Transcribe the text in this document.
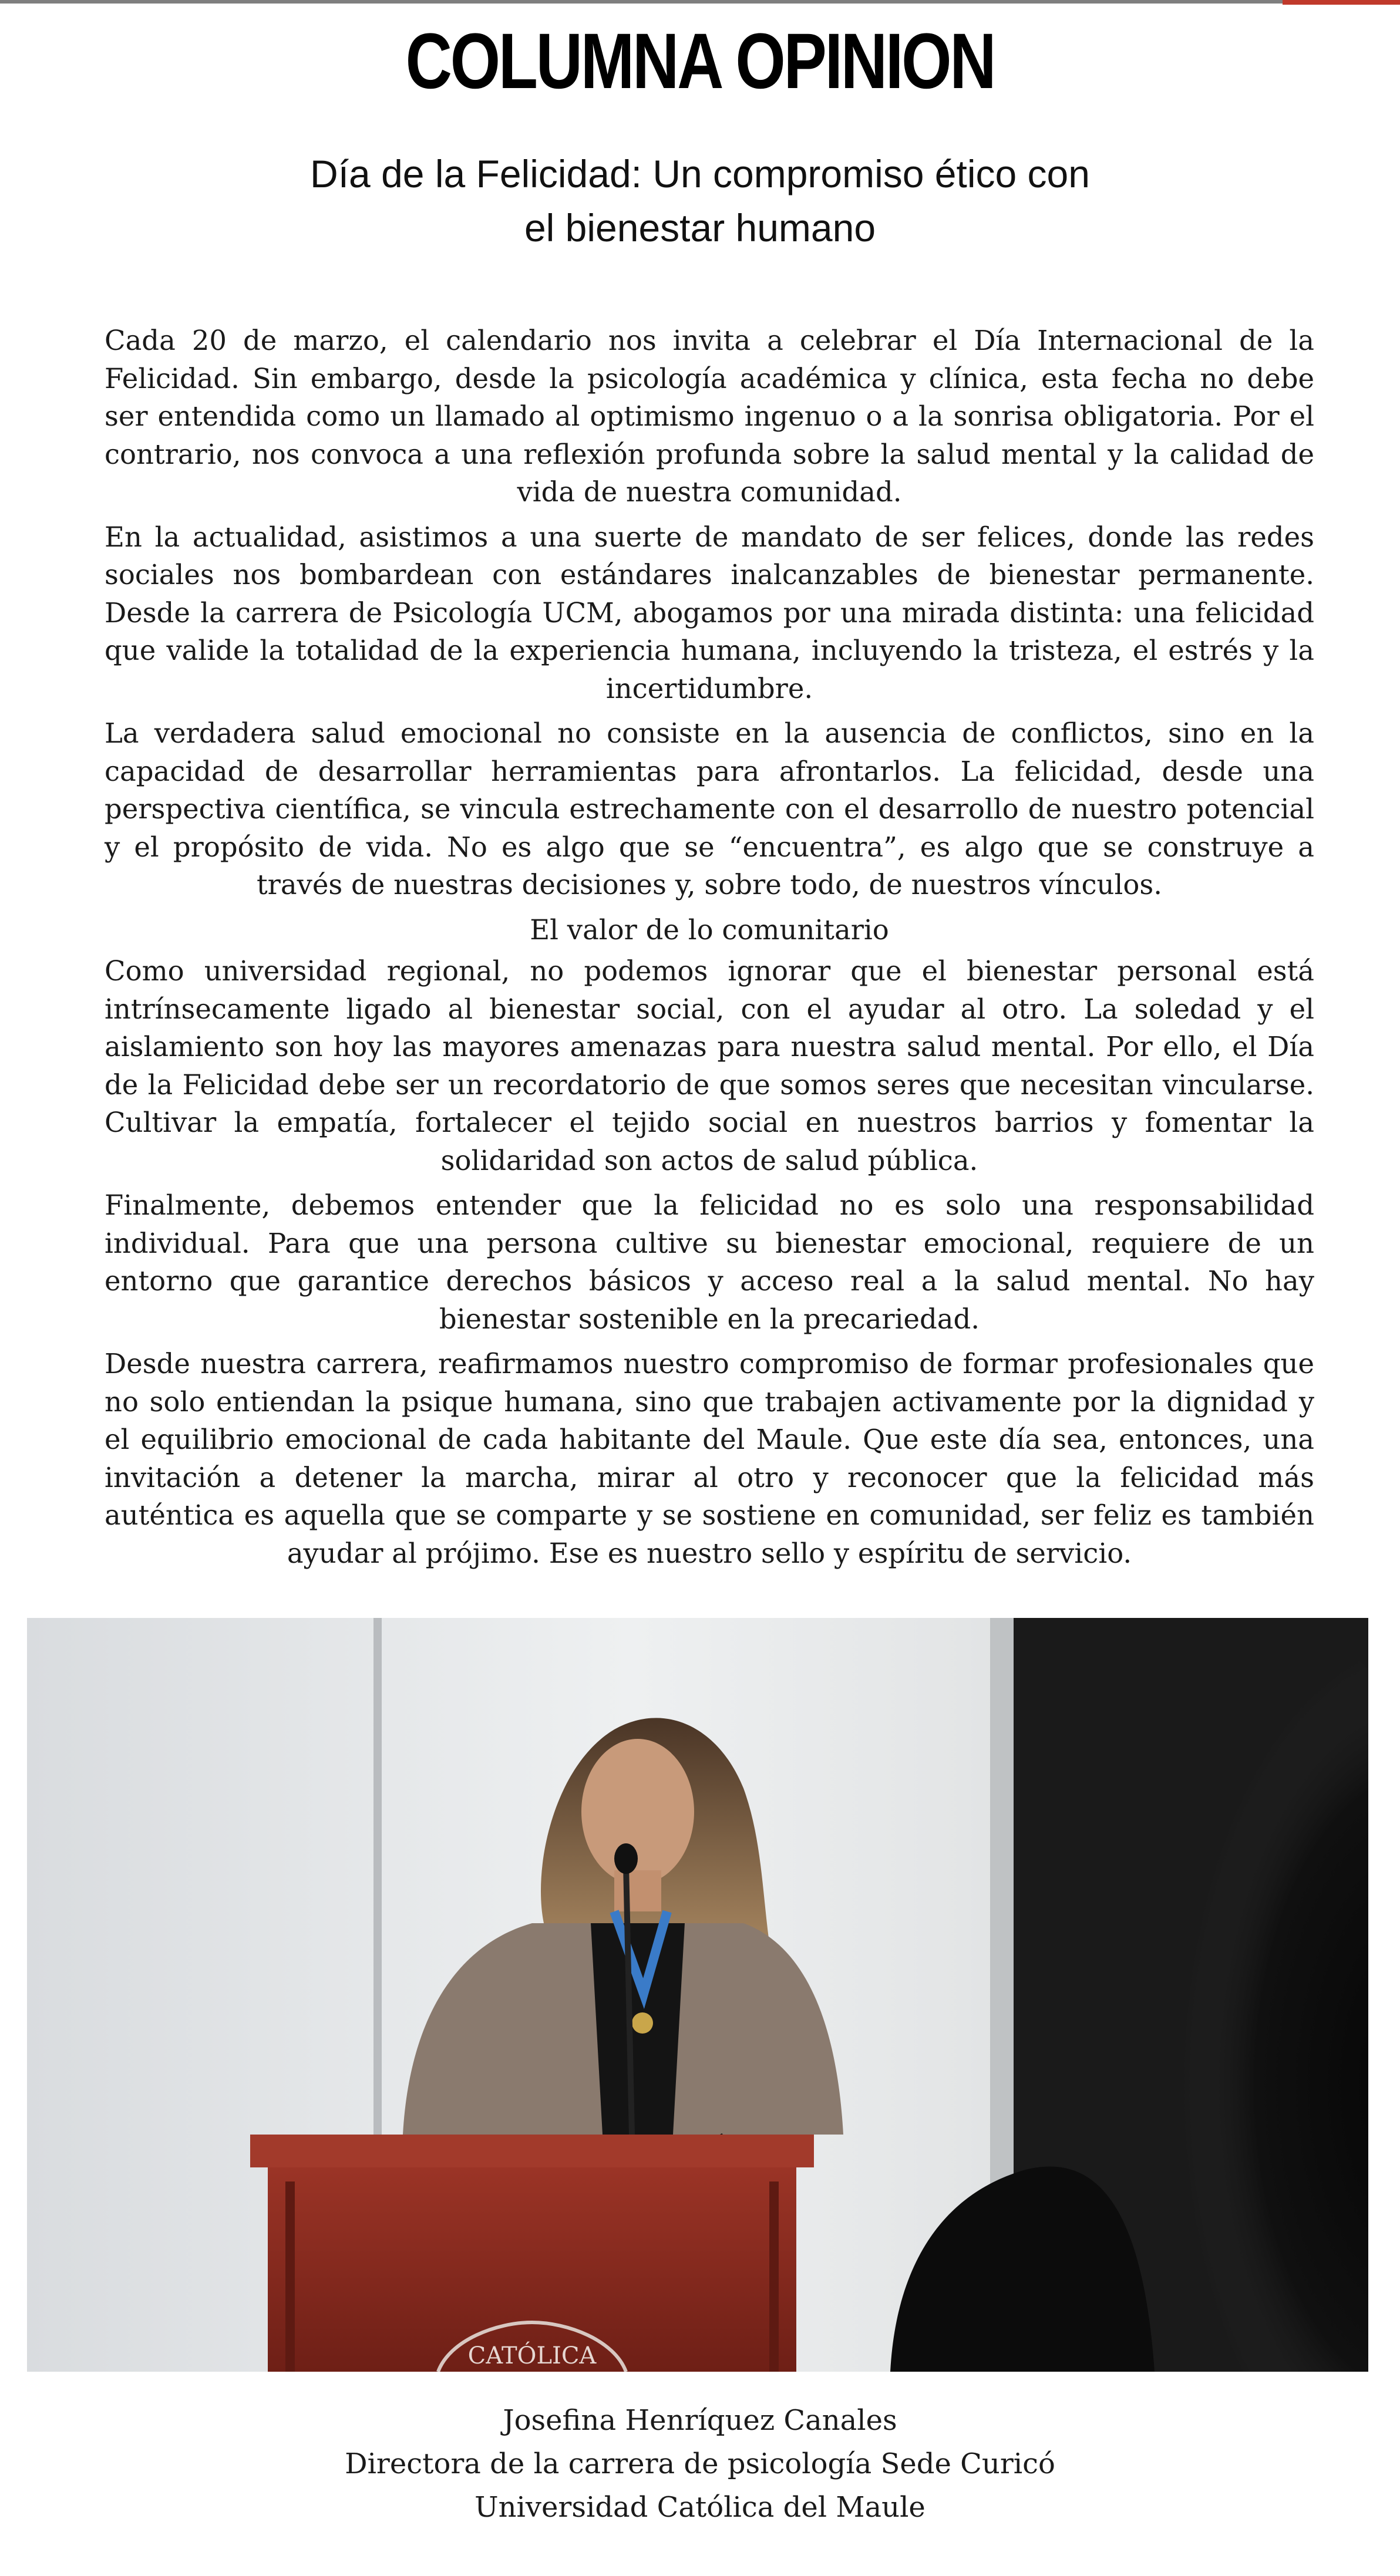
COLUMNA OPINION
Día de la Felicidad: Un compromiso ético con
el bienestar humano

Cada 20 de marzo, el calendario nos invita a celebrar el Día Internacional de la Felicidad. Sin embargo, desde la psicología académica y clínica, esta fecha no debe ser entendida como un llamado al optimismo ingenuo o a la sonrisa obligatoria. Por el contrario, nos convoca a una reflexión profunda sobre la salud mental y la calidad de vida de nuestra comunidad.

En la actualidad, asistimos a una suerte de mandato de ser felices, donde las redes sociales nos bombardean con estándares inalcanzables de bienestar permanente. Desde la carrera de Psicología UCM, abogamos por una mirada distinta: una felicidad que valide la totalidad de la experiencia humana, incluyendo la tristeza, el estrés y la incertidumbre.

La verdadera salud emocional no consiste en la ausencia de conflictos, sino en la capacidad de desarrollar herramientas para afrontarlos. La felicidad, desde una perspectiva científica, se vincula estrechamente con el desarrollo de nuestro potencial y el propósito de vida. No es algo que se “encuentra”, es algo que se construye a través de nuestras decisiones y, sobre todo, de nuestros vínculos.

El valor de lo comunitario

Como universidad regional, no podemos ignorar que el bienestar personal está intrínsecamente ligado al bienestar social, con el ayudar al otro. La soledad y el aislamiento son hoy las mayores amenazas para nuestra salud mental. Por ello, el Día de la Felicidad debe ser un recordatorio de que somos seres que necesitan vincularse. Cultivar la empatía, fortalecer el tejido social en nuestros barrios y fomentar la solidaridad son actos de salud pública.

Finalmente, debemos entender que la felicidad no es solo una responsabilidad individual. Para que una persona cultive su bienestar emocional, requiere de un entorno que garantice derechos básicos y acceso real a la salud mental. No hay bienestar sostenible en la precariedad.

Desde nuestra carrera, reafirmamos nuestro compromiso de formar profesionales que no solo entiendan la psique humana, sino que trabajen activamente por la dignidad y el equilibrio emocional de cada habitante del Maule. Que este día sea, entonces, una invitación a detener la marcha, mirar al otro y reconocer que la felicidad más auténtica es aquella que se comparte y se sostiene en comunidad, ser feliz es también ayudar al prójimo. Ese es nuestro sello y espíritu de servicio.

CATÓLICA
Josefina Henríquez Canales
Directora de la carrera de psicología Sede Curicó
Universidad Católica del Maule
